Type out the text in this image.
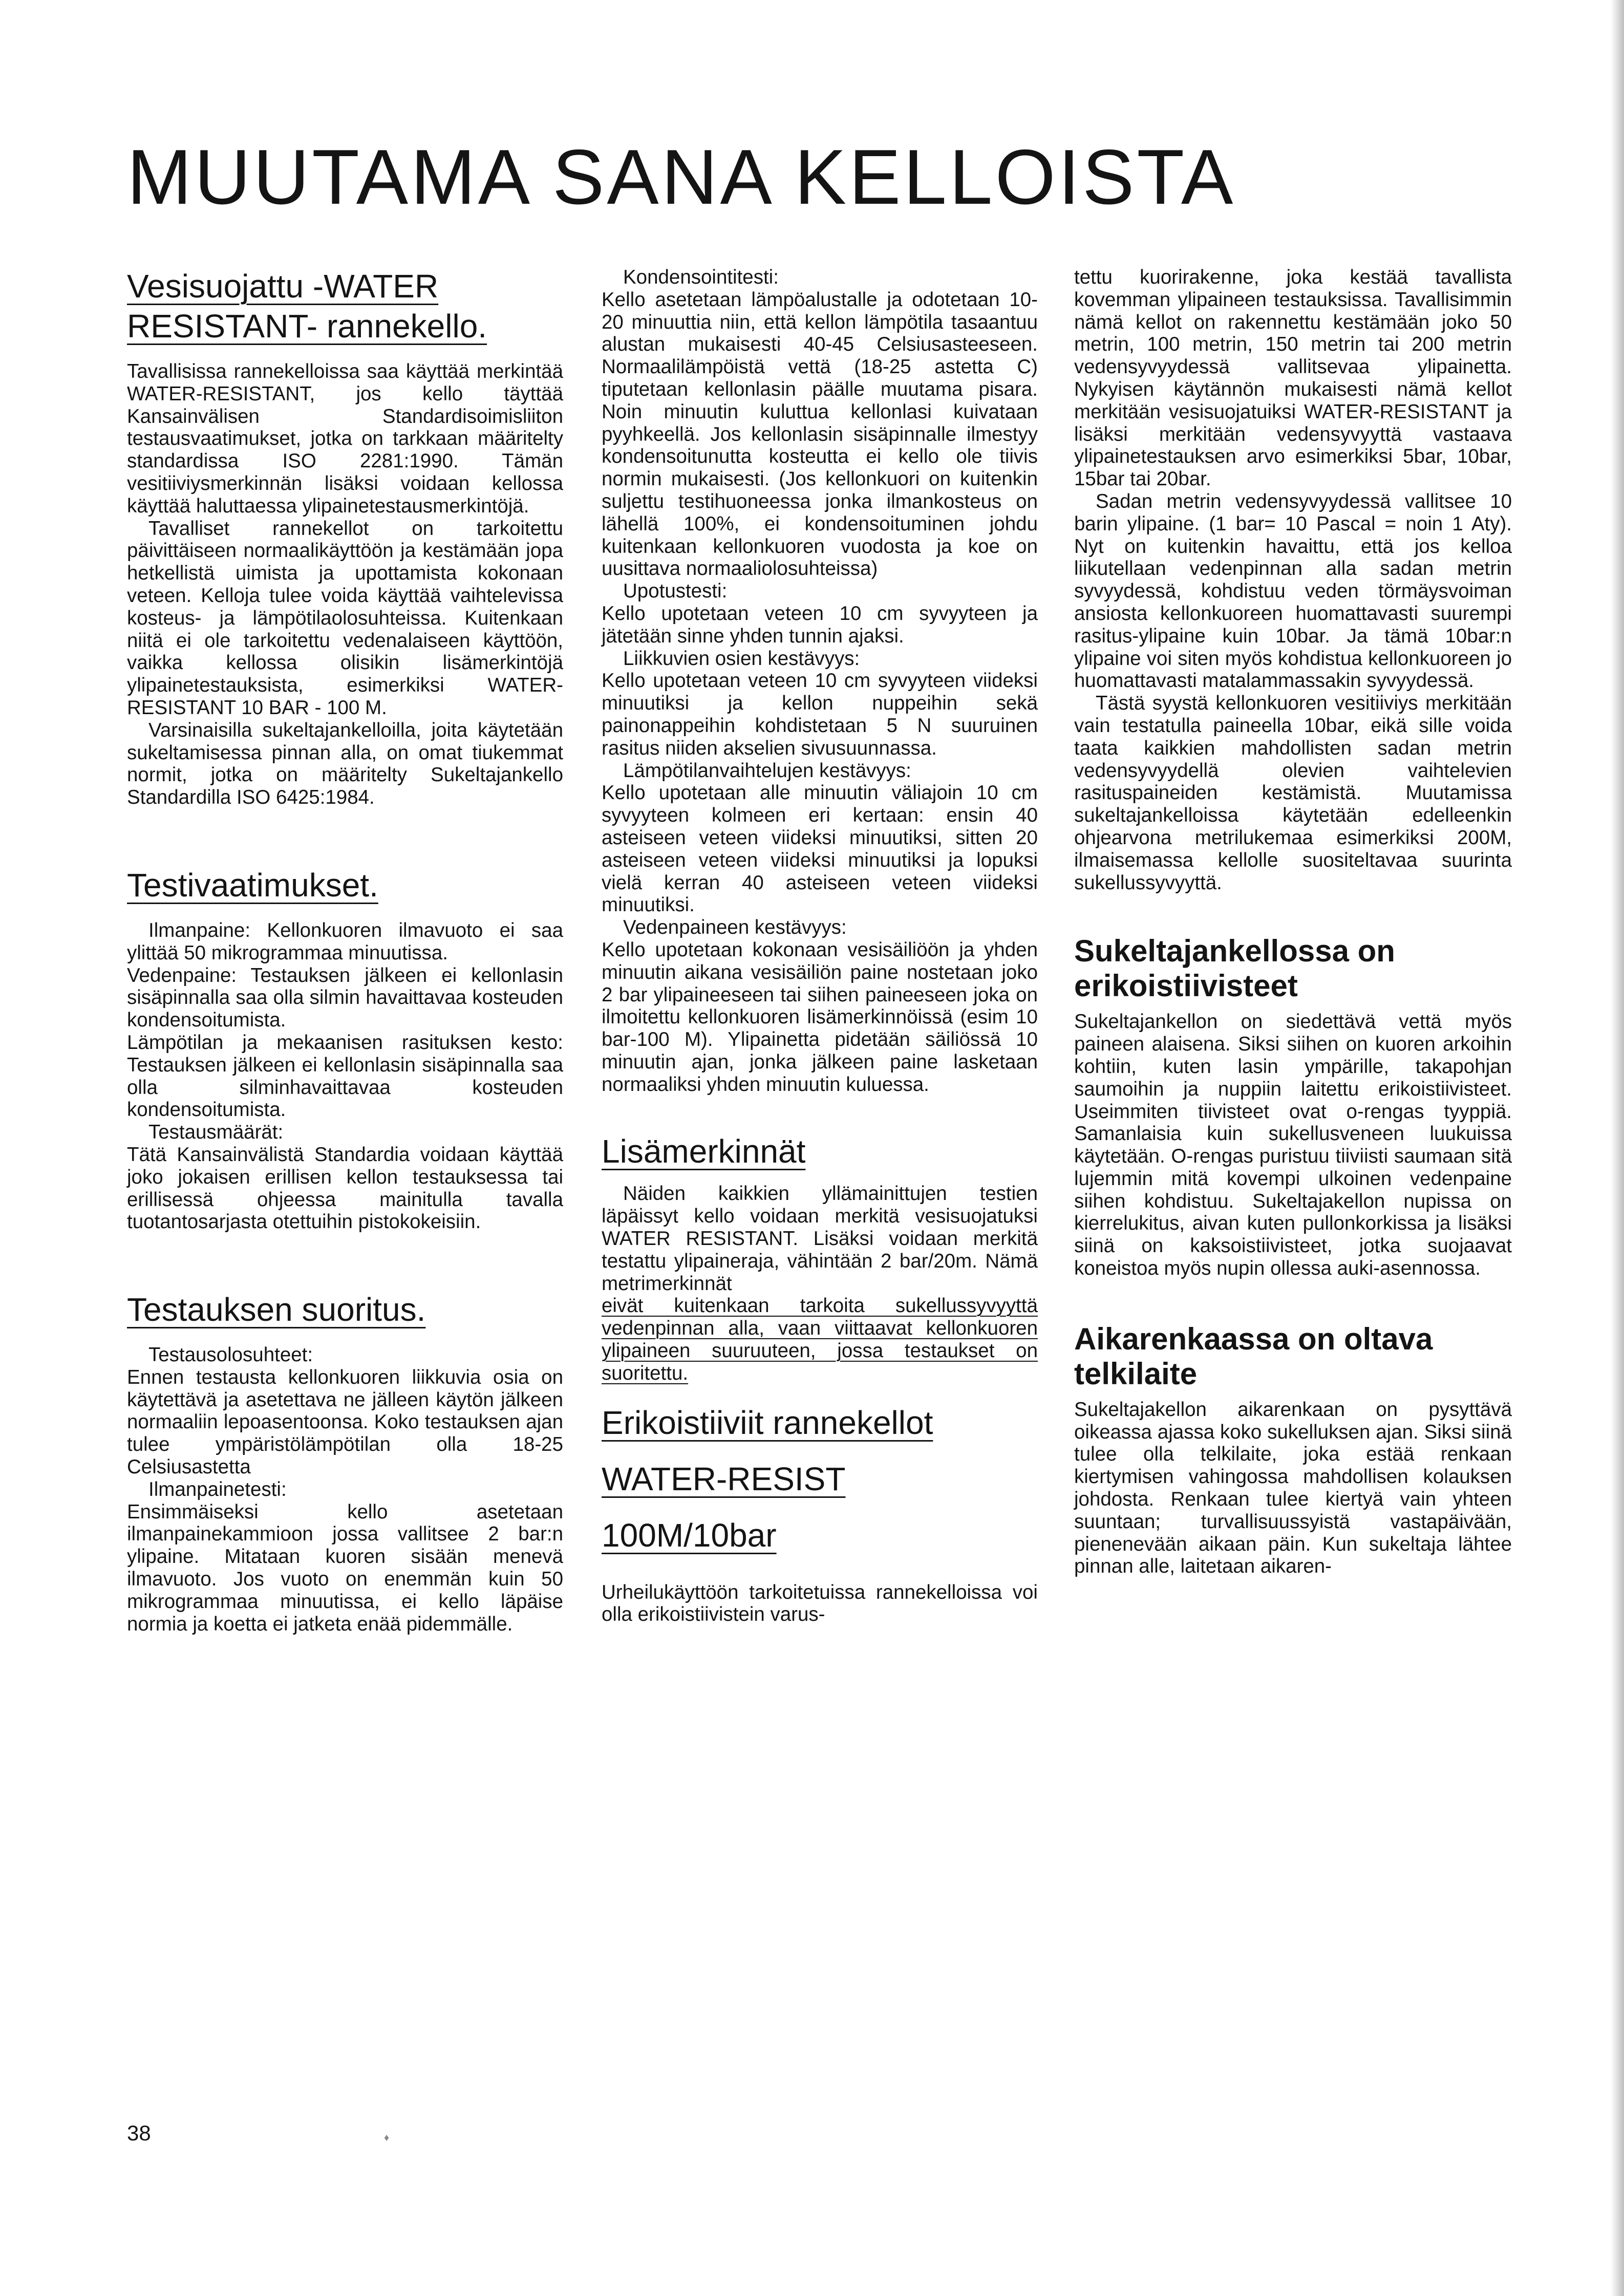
MUUTAMA SANA KELLOISTA
Vesisuojattu -WATER RESISTANT- rannekello.

Tavallisissa rannekelloissa saa käyttää merkintää WATER-RESISTANT, jos kello täyttää Kansainvälisen Standardisoimisliiton testausvaatimukset, jotka on tarkkaan määritelty standardissa ISO 2281:1990. Tämän vesitiiviysmerkinnän lisäksi voidaan kellossa käyttää haluttaessa ylipainetestausmerkintöjä.

Tavalliset rannekellot on tarkoitettu päivittäiseen normaalikäyttöön ja kestämään jopa hetkellistä uimista ja upottamista kokonaan veteen. Kelloja tulee voida käyttää vaihtelevissa kosteus- ja lämpötilaolosuhteissa. Kuitenkaan niitä ei ole tarkoitettu vedenalaiseen käyttöön, vaikka kellossa olisikin lisämerkintöjä ylipainetestauksista, esimerkiksi WATER-RESISTANT 10 BAR - 100 M.

Varsinaisilla sukeltajankelloilla, joita käytetään sukeltamisessa pinnan alla, on omat tiukemmat normit, jotka on määritelty Sukeltajankello Standardilla ISO 6425:1984.

Testivaatimukset.

Ilmanpaine: Kellonkuoren ilmavuoto ei saa ylittää 50 mikrogrammaa minuutissa.

Vedenpaine: Testauksen jälkeen ei kellonlasin sisäpinnalla saa olla silmin havaittavaa kosteuden kondensoitumista.

Lämpötilan ja mekaanisen rasituksen kesto: Testauksen jälkeen ei kellonlasin sisäpinnalla saa olla silminhavaittavaa kosteuden kondensoitumista.

Testausmäärät:

Tätä Kansainvälistä Standardia voidaan käyttää joko jokaisen erillisen kellon testauksessa tai erillisessä ohjeessa mainitulla tavalla tuotantosarjasta otettuihin pistokokeisiin.

Testauksen suoritus.

Testausolosuhteet:

Ennen testausta kellonkuoren liikkuvia osia on käytettävä ja asetettava ne jälleen käytön jälkeen normaaliin lepoasentoonsa. Koko testauksen ajan tulee ympäristölämpötilan olla 18-25 Celsiusastetta

Ilmanpainetesti:

Ensimmäiseksi kello asetetaan ilmanpainekammioon jossa vallitsee 2 bar:n ylipaine. Mitataan kuoren sisään menevä ilmavuoto. Jos vuoto on enemmän kuin 50 mikrogrammaa minuutissa, ei kello läpäise normia ja koetta ei jatketa enää pidemmälle.

Kondensointitesti:

Kello asetetaan lämpöalustalle ja odotetaan 10-20 minuuttia niin, että kellon lämpötila tasaantuu alustan mukaisesti 40-45 Celsiusasteeseen. Normaalilämpöistä vettä (18-25 astetta C) tiputetaan kellonlasin päälle muutama pisara. Noin minuutin kuluttua kellonlasi kuivataan pyyhkeellä. Jos kellonlasin sisäpinnalle ilmestyy kondensoitunutta kosteutta ei kello ole tiivis normin mukaisesti. (Jos kellonkuori on kuitenkin suljettu testihuoneessa jonka ilmankosteus on lähellä 100%, ei kondensoituminen johdu kuitenkaan kellonkuoren vuodosta ja koe on uusittava normaaliolosuhteissa)

Upotustesti:

Kello upotetaan veteen 10 cm syvyyteen ja jätetään sinne yhden tunnin ajaksi.

Liikkuvien osien kestävyys:

Kello upotetaan veteen 10 cm syvyyteen viideksi minuutiksi ja kellon nuppeihin sekä painonappeihin kohdistetaan 5 N suuruinen rasitus niiden akselien sivusuunnassa.

Lämpötilanvaihtelujen kestävyys:

Kello upotetaan alle minuutin väliajoin 10 cm syvyyteen kolmeen eri kertaan: ensin 40 asteiseen veteen viideksi minuutiksi, sitten 20 asteiseen veteen viideksi minuutiksi ja lopuksi vielä kerran 40 asteiseen veteen viideksi minuutiksi.

Vedenpaineen kestävyys:

Kello upotetaan kokonaan vesisäiliöön ja yhden minuutin aikana vesisäiliön paine nostetaan joko 2 bar ylipaineeseen tai siihen paineeseen joka on ilmoitettu kellonkuoren lisämerkinnöissä (esim 10 bar-100 M). Ylipainetta pidetään säiliössä 10 minuutin ajan, jonka jälkeen paine lasketaan normaaliksi yhden minuutin kuluessa.

Lisämerkinnät

Näiden kaikkien yllämainittujen testien läpäissyt kello voidaan merkitä vesisuojatuksi WATER RESISTANT. Lisäksi voidaan merkitä testattu ylipaineraja, vähintään 2 bar/20m. Nämä metrimerkinnät

eivät kuitenkaan tarkoita sukellussyvyyttä vedenpinnan alla, vaan viittaavat kellonkuoren ylipaineen suuruuteen, jossa testaukset on suoritettu.

Erikoistiiviit rannekellot
WATER-RESIST
100M/10bar

Urheilukäyttöön tarkoitetuissa rannekelloissa voi olla erikoistiivistein varus-

tettu kuorirakenne, joka kestää tavallista kovemman ylipaineen testauksissa. Tavallisimmin nämä kellot on rakennettu kestämään joko 50 metrin, 100 metrin, 150 metrin tai 200 metrin vedensyvyydessä vallitsevaa ylipainetta. Nykyisen käytännön mukaisesti nämä kellot merkitään vesisuojatuiksi WATER-RESISTANT ja lisäksi merkitään vedensyvyyttä vastaava ylipainetestauksen arvo esimerkiksi 5bar, 10bar, 15bar tai 20bar.

Sadan metrin vedensyvyydessä vallitsee 10 barin ylipaine. (1 bar= 10 Pascal = noin 1 Aty). Nyt on kuitenkin havaittu, että jos kelloa liikutellaan vedenpinnan alla sadan metrin syvyydessä, kohdistuu veden törmäysvoiman ansiosta kellonkuoreen huomattavasti suurempi rasitus-ylipaine kuin 10bar. Ja tämä 10bar:n ylipaine voi siten myös kohdistua kellonkuoreen jo huomattavasti matalammassakin syvyydessä.

Tästä syystä kellonkuoren vesitiiviys merkitään vain testatulla paineella 10bar, eikä sille voida taata kaikkien mahdollisten sadan metrin vedensyvyydellä olevien vaihtelevien rasituspaineiden kestämistä. Muutamissa sukeltajankelloissa käytetään edelleenkin ohjearvona metrilukemaa esimerkiksi 200M, ilmaisemassa kellolle suositeltavaa suurinta sukellussyvyyttä.

Sukeltajankellossa on erikoistiivisteet

Sukeltajankellon on siedettävä vettä myös paineen alaisena. Siksi siihen on kuoren arkoihin kohtiin, kuten lasin ympärille, takapohjan saumoihin ja nuppiin laitettu erikoistiivisteet. Useimmiten tiivisteet ovat o-rengas tyyppiä. Samanlaisia kuin sukellusveneen luukuissa käytetään. O-rengas puristuu tiiviisti saumaan sitä lujemmin mitä kovempi ulkoinen vedenpaine siihen kohdistuu. Sukeltajakellon nupissa on kierrelukitus, aivan kuten pullonkorkissa ja lisäksi siinä on kaksoistiivisteet, jotka suojaavat koneistoa myös nupin ollessa auki-asennossa.

Aikarenkaassa on oltava telkilaite

Sukeltajakellon aikarenkaan on pysyttävä oikeassa ajassa koko sukelluksen ajan. Siksi siinä tulee olla telkilaite, joka estää renkaan kiertymisen vahingossa mahdollisen kolauksen johdosta. Renkaan tulee kiertyä vain yhteen suuntaan; turvallisuussyistä vastapäivään, pienenevään aikaan päin. Kun sukeltaja lähtee pinnan alle, laitetaan aikaren-

38	♦
